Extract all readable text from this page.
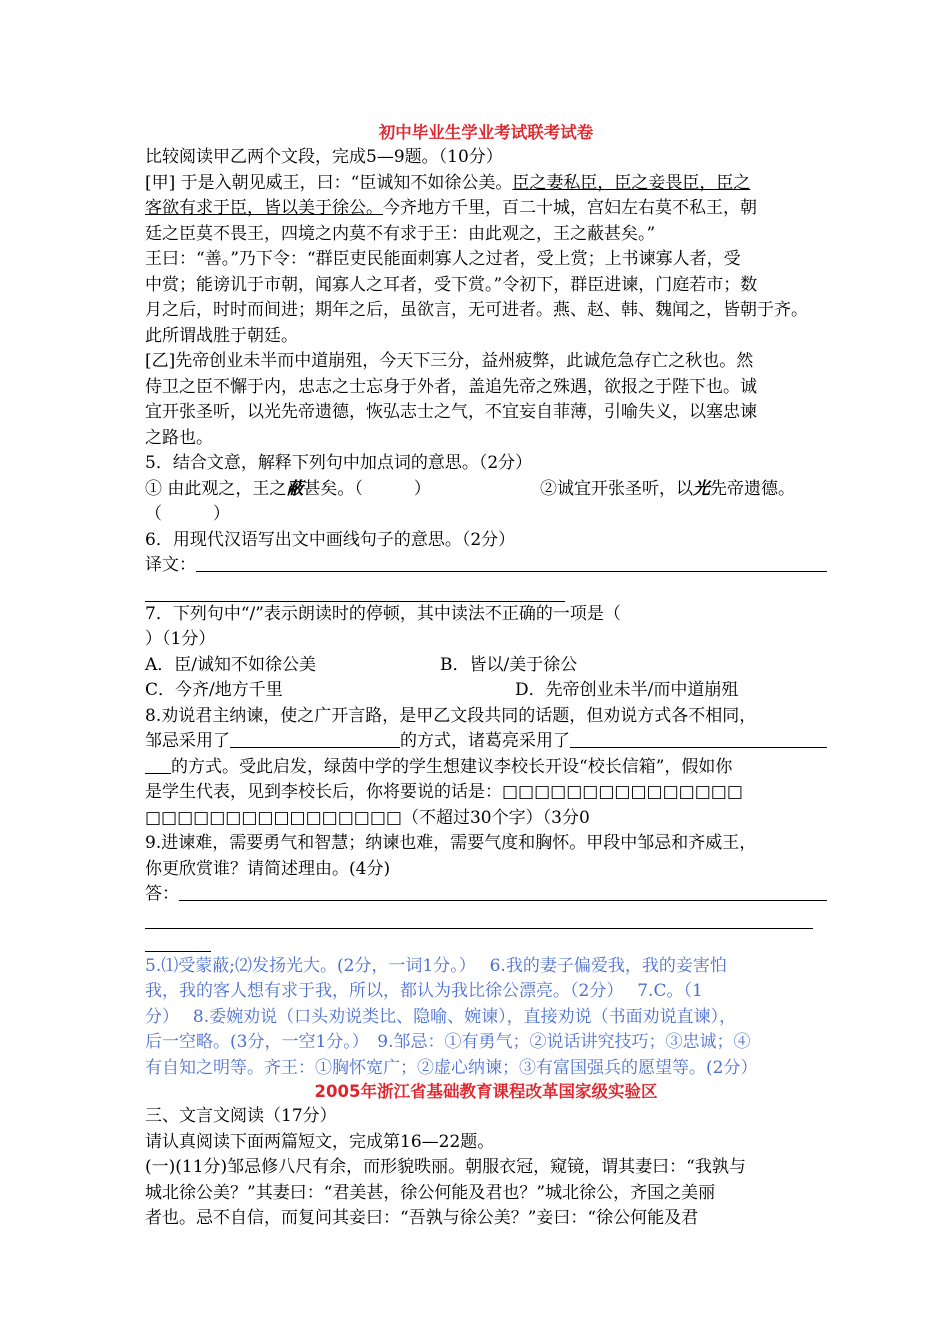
初中毕业生学业考试联考试卷

比较阅读甲乙两个文段，完成5—9题。（10分）

[甲] 于是入朝见威王，曰：“臣诚知不如徐公美。臣之妻私臣，臣之妾畏臣，臣之

客欲有求于臣，皆以美于徐公。今齐地方千里，百二十城，宫妇左右莫不私王，朝

廷之臣莫不畏王，四境之内莫不有求于王：由此观之，王之蔽甚矣。”

王曰：“善。”乃下令：“群臣吏民能面刺寡人之过者，受上赏；上书谏寡人者，受

中赏；能谤讥于市朝，闻寡人之耳者，受下赏。”令初下，群臣进谏，门庭若市；数

月之后，时时而间进；期年之后，虽欲言，无可进者。燕、赵、韩、魏闻之，皆朝于齐。

此所谓战胜于朝廷。

[乙]先帝创业未半而中道崩殂，今天下三分，益州疲弊，此诚危急存亡之秋也。然

侍卫之臣不懈于内，忠志之士忘身于外者，盖追先帝之殊遇，欲报之于陛下也。诚

宜开张圣听，以光先帝遗德，恢弘志士之气，不宜妄自菲薄，引喻失义，以塞忠谏

之路也。

5．结合文意，解释下列句中加点词的意思。（2分）

① 由此观之，王之蔽甚矣。（　　　）	②诚宜开张圣听，以光先帝遗德。

（　　　）

6．用现代汉语写出文中画线句子的意思。（2分）

译文：

7．下列句中“/”表示朗读时的停顿，其中读法不正确的一项是（

）（1分）

A．臣/诚知不如徐公美	B．皆以/美于徐公
C．今齐/地方千里	D．先帝创业未半/而中道崩殂

8.劝说君主纳谏，使之广开言路，是甲乙文段共同的话题，但劝说方式各不相同，

邹忌采用了	的方式，诸葛亮采用了
的方式。受此启发，绿茵中学的学生想建议李校长开设“校长信箱”，假如你

是学生代表，见到李校长后，你将要说的话是：□□□□□□□□□□□□□□□

□□□□□□□□□□□□□□□□（不超过30个字）（3分0

9.进谏难，需要勇气和智慧；纳谏也难，需要气度和胸怀。甲段中邹忌和齐威王，

你更欣赏谁？请简述理由。(4分)

答：

5.⑴受蒙蔽;⑵发扬光大。(2分，一词1分。）　 6.我的妻子偏爱我，我的妾害怕

我，我的客人想有求于我，所以，都认为我比徐公漂亮。（2分）　 7.C。（1

分）　 8.委婉劝说（口头劝说类比、隐喻、婉谏），直接劝说（书面劝说直谏），

后一空略。(3分，一空1分。）　9.邹忌：①有勇气；②说话讲究技巧；③忠诚；④

有自知之明等。齐王：①胸怀宽广；②虚心纳谏；③有富国强兵的愿望等。(2分）

2005年浙江省基础教育课程改革国家级实验区

三、文言文阅读（17分）

请认真阅读下面两篇短文，完成第16—22题。

(一)(11分)邹忌修八尺有余，而形貌昳丽。朝服衣冠，窥镜，谓其妻曰：“我孰与

城北徐公美？”其妻曰：“君美甚，徐公何能及君也？”城北徐公，齐国之美丽

者也。忌不自信，而复问其妾曰：“吾孰与徐公美？”妾曰：“徐公何能及君
